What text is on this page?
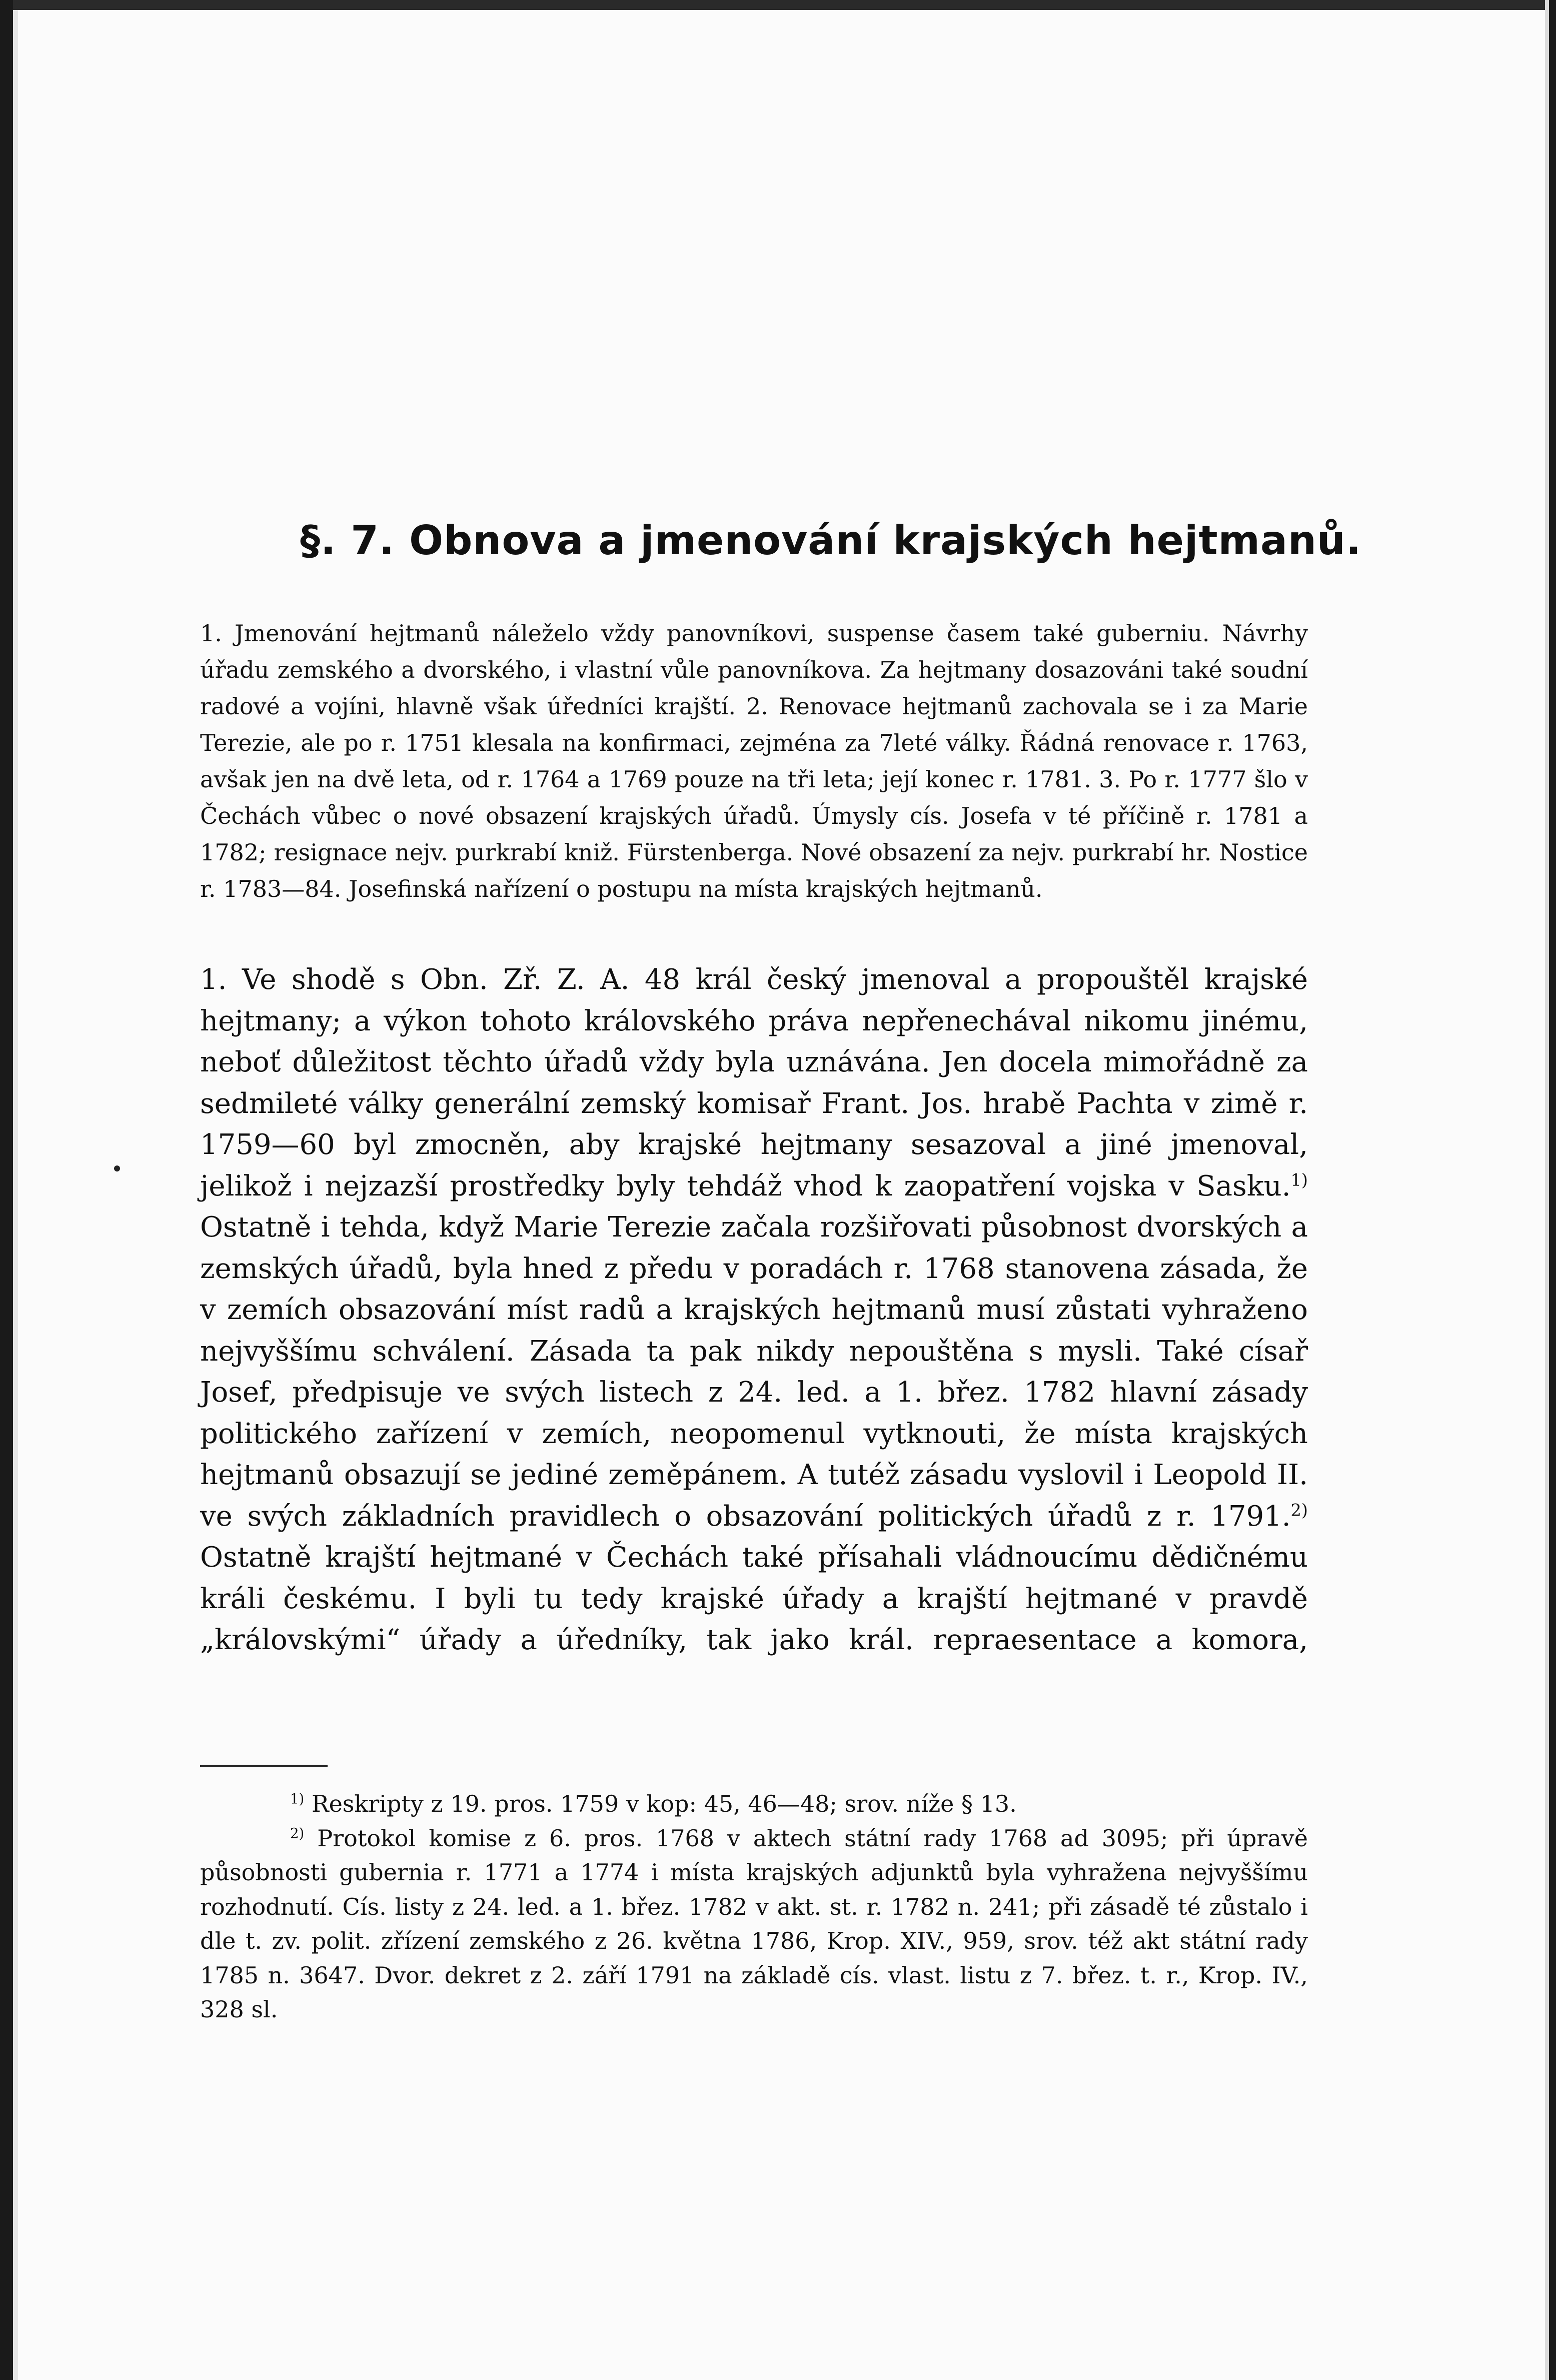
§. 7. Obnova a jmenování krajských hejtmanů.

1. Jmenování hejtmanů náleželo vždy panovníkovi, suspense časem také guberniu. Návrhy úřadu zemského a dvorského, i vlastní vůle panovníkova. Za hejtmany dosazováni také soudní radové a vojíni, hlavně však úředníci krajští. 2. Renovace hejtmanů zachovala se i za Marie Terezie, ale po r. 1751 klesala na konfirmaci, zejména za 7leté války. Řádná renovace r. 1763, avšak jen na dvě leta, od r. 1764 a 1769 pouze na tři leta; její konec r. 1781. 3. Po r. 1777 šlo v Čechách vůbec o nové obsazení krajských úřadů. Úmysly cís. Josefa v té příčině r. 1781 a 1782; resignace nejv. purkrabí kniž. Fürstenberga. Nové obsazení za nejv. purkrabí hr. Nostice r. 1783—84. Josefinská nařízení o postupu na místa krajských hejtmanů.

1. Ve shodě s Obn. Zř. Z. A. 48 král český jmenoval a propouštěl krajské hejtmany; a výkon tohoto královského práva nepřenechával nikomu jinému, neboť důležitost těchto úřadů vždy byla uznávána. Jen docela mimořádně za sedmileté války generální zemský komisař Frant. Jos. hrabě Pachta v zimě r. 1759—60 byl zmocněn, aby krajské hejtmany sesazoval a jiné jmenoval, jelikož i nejzazší prostředky byly tehdáž vhod k zaopatření vojska v Sasku.$^{1)}$ Ostatně i tehda, když Marie Terezie začala rozšiřovati působnost dvorských a zemských úřadů, byla hned z předu v poradách r. 1768 stanovena zásada, že v zemích obsazování míst radů a krajských hejtmanů musí zůstati vyhraženo nejvyššímu schválení. Zásada ta pak nikdy nepouštěna s mysli. Také císař Josef, předpisuje ve svých listech z 24. led. a 1. břez. 1782 hlavní zásady politického zařízení v zemích, neopomenul vytknouti, že místa krajských hejtmanů obsazují se jediné zeměpánem. A tutéž zásadu vyslovil i Leopold II. ve svých základních pravidlech o obsazování politických úřadů z r. 1791.$^{2)}$ Ostatně krajští hejtmané v Čechách také přísahali vládnoucímu dědičnému králi českému. I byli tu tedy krajské úřady a krajští hejtmané v pravdě „královskými“ úřady a úředníky, tak jako král. repraesentace a komora,

$^{1)}$ Reskripty z 19. pros. 1759 v kop: 45, 46—48; srov. níže § 13.

$^{2)}$ Protokol komise z 6. pros. 1768 v aktech státní rady 1768 ad 3095; při úpravě působnosti gubernia r. 1771 a 1774 i místa krajských adjunktů byla vyhražena nejvyššímu rozhodnutí. Cís. listy z 24. led. a 1. břez. 1782 v akt. st. r. 1782 n. 241; při zásadě té zůstalo i dle t. zv. polit. zřízení zemského z 26. května 1786, Krop. XIV., 959, srov. též akt státní rady 1785 n. 3647. Dvor. dekret z 2. září 1791 na základě cís. vlast. listu z 7. břez. t. r., Krop. IV., 328 sl.
